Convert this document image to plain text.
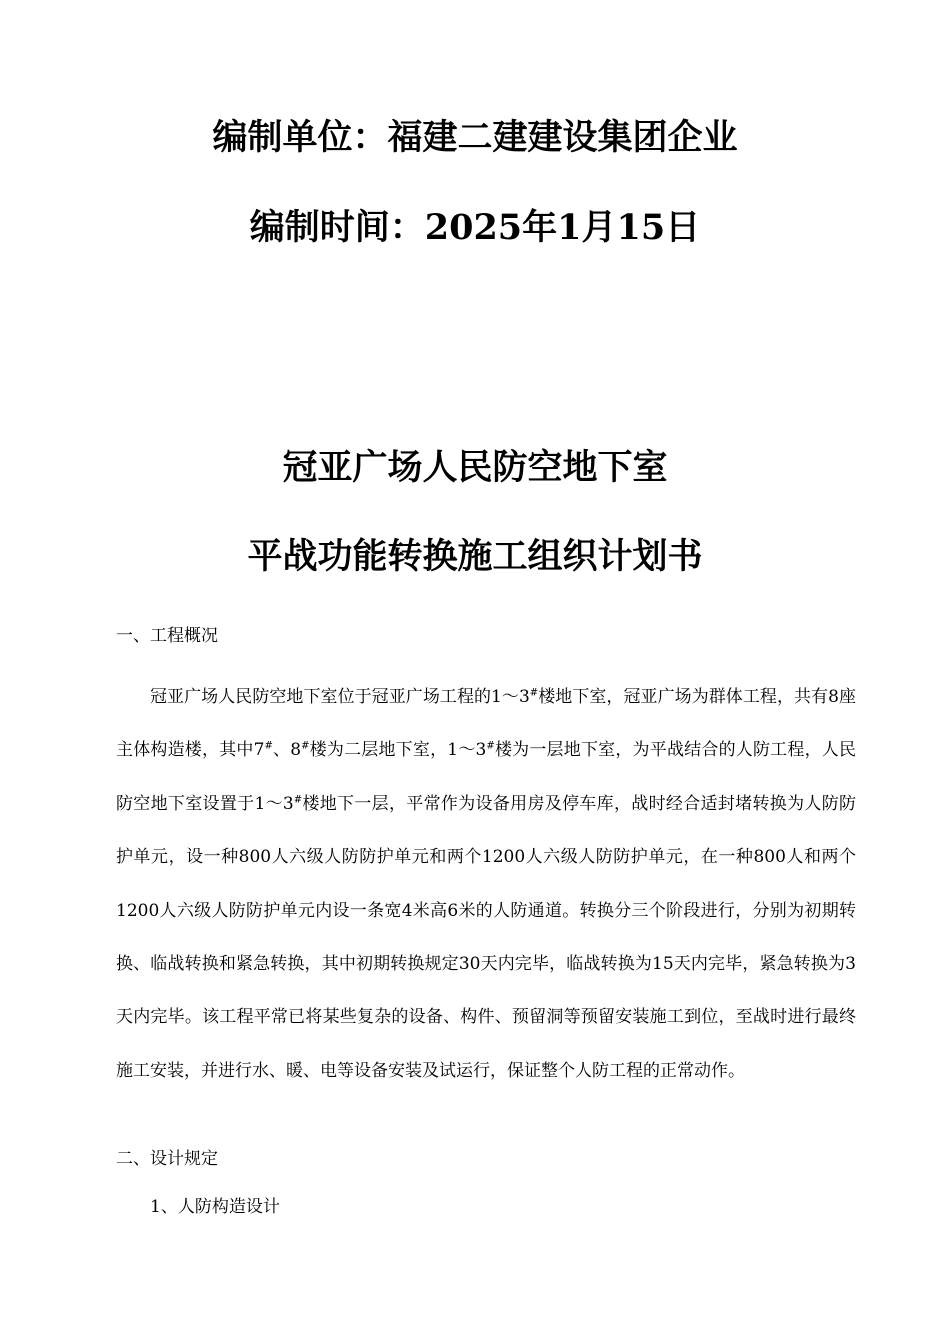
编制单位：福建二建建设集团企业
编制时间：2025年1月15日
冠亚广场人民防空地下室
平战功能转换施工组织计划书
一、工程概况

冠亚广场人民防空地下室位于冠亚广场工程的1～3#楼地下室，冠亚广场为群体工程，共有8座主体构造楼，其中7#、8#楼为二层地下室，1～3#楼为一层地下室，为平战结合的人防工程，人民防空地下室设置于1～3#楼地下一层，平常作为设备用房及停车库，战时经合适封堵转换为人防防护单元，设一种800人六级人防防护单元和两个1200人六级人防防护单元，在一种800人和两个1200人六级人防防护单元内设一条宽4米高6米的人防通道。转换分三个阶段进行，分别为初期转换、临战转换和紧急转换，其中初期转换规定30天内完毕，临战转换为15天内完毕，紧急转换为3天内完毕。该工程平常已将某些复杂的设备、构件、预留洞等预留安装施工到位，至战时进行最终施工安装，并进行水、暖、电等设备安装及试运行，保证整个人防工程的正常动作。

二、设计规定
1、人防构造设计
